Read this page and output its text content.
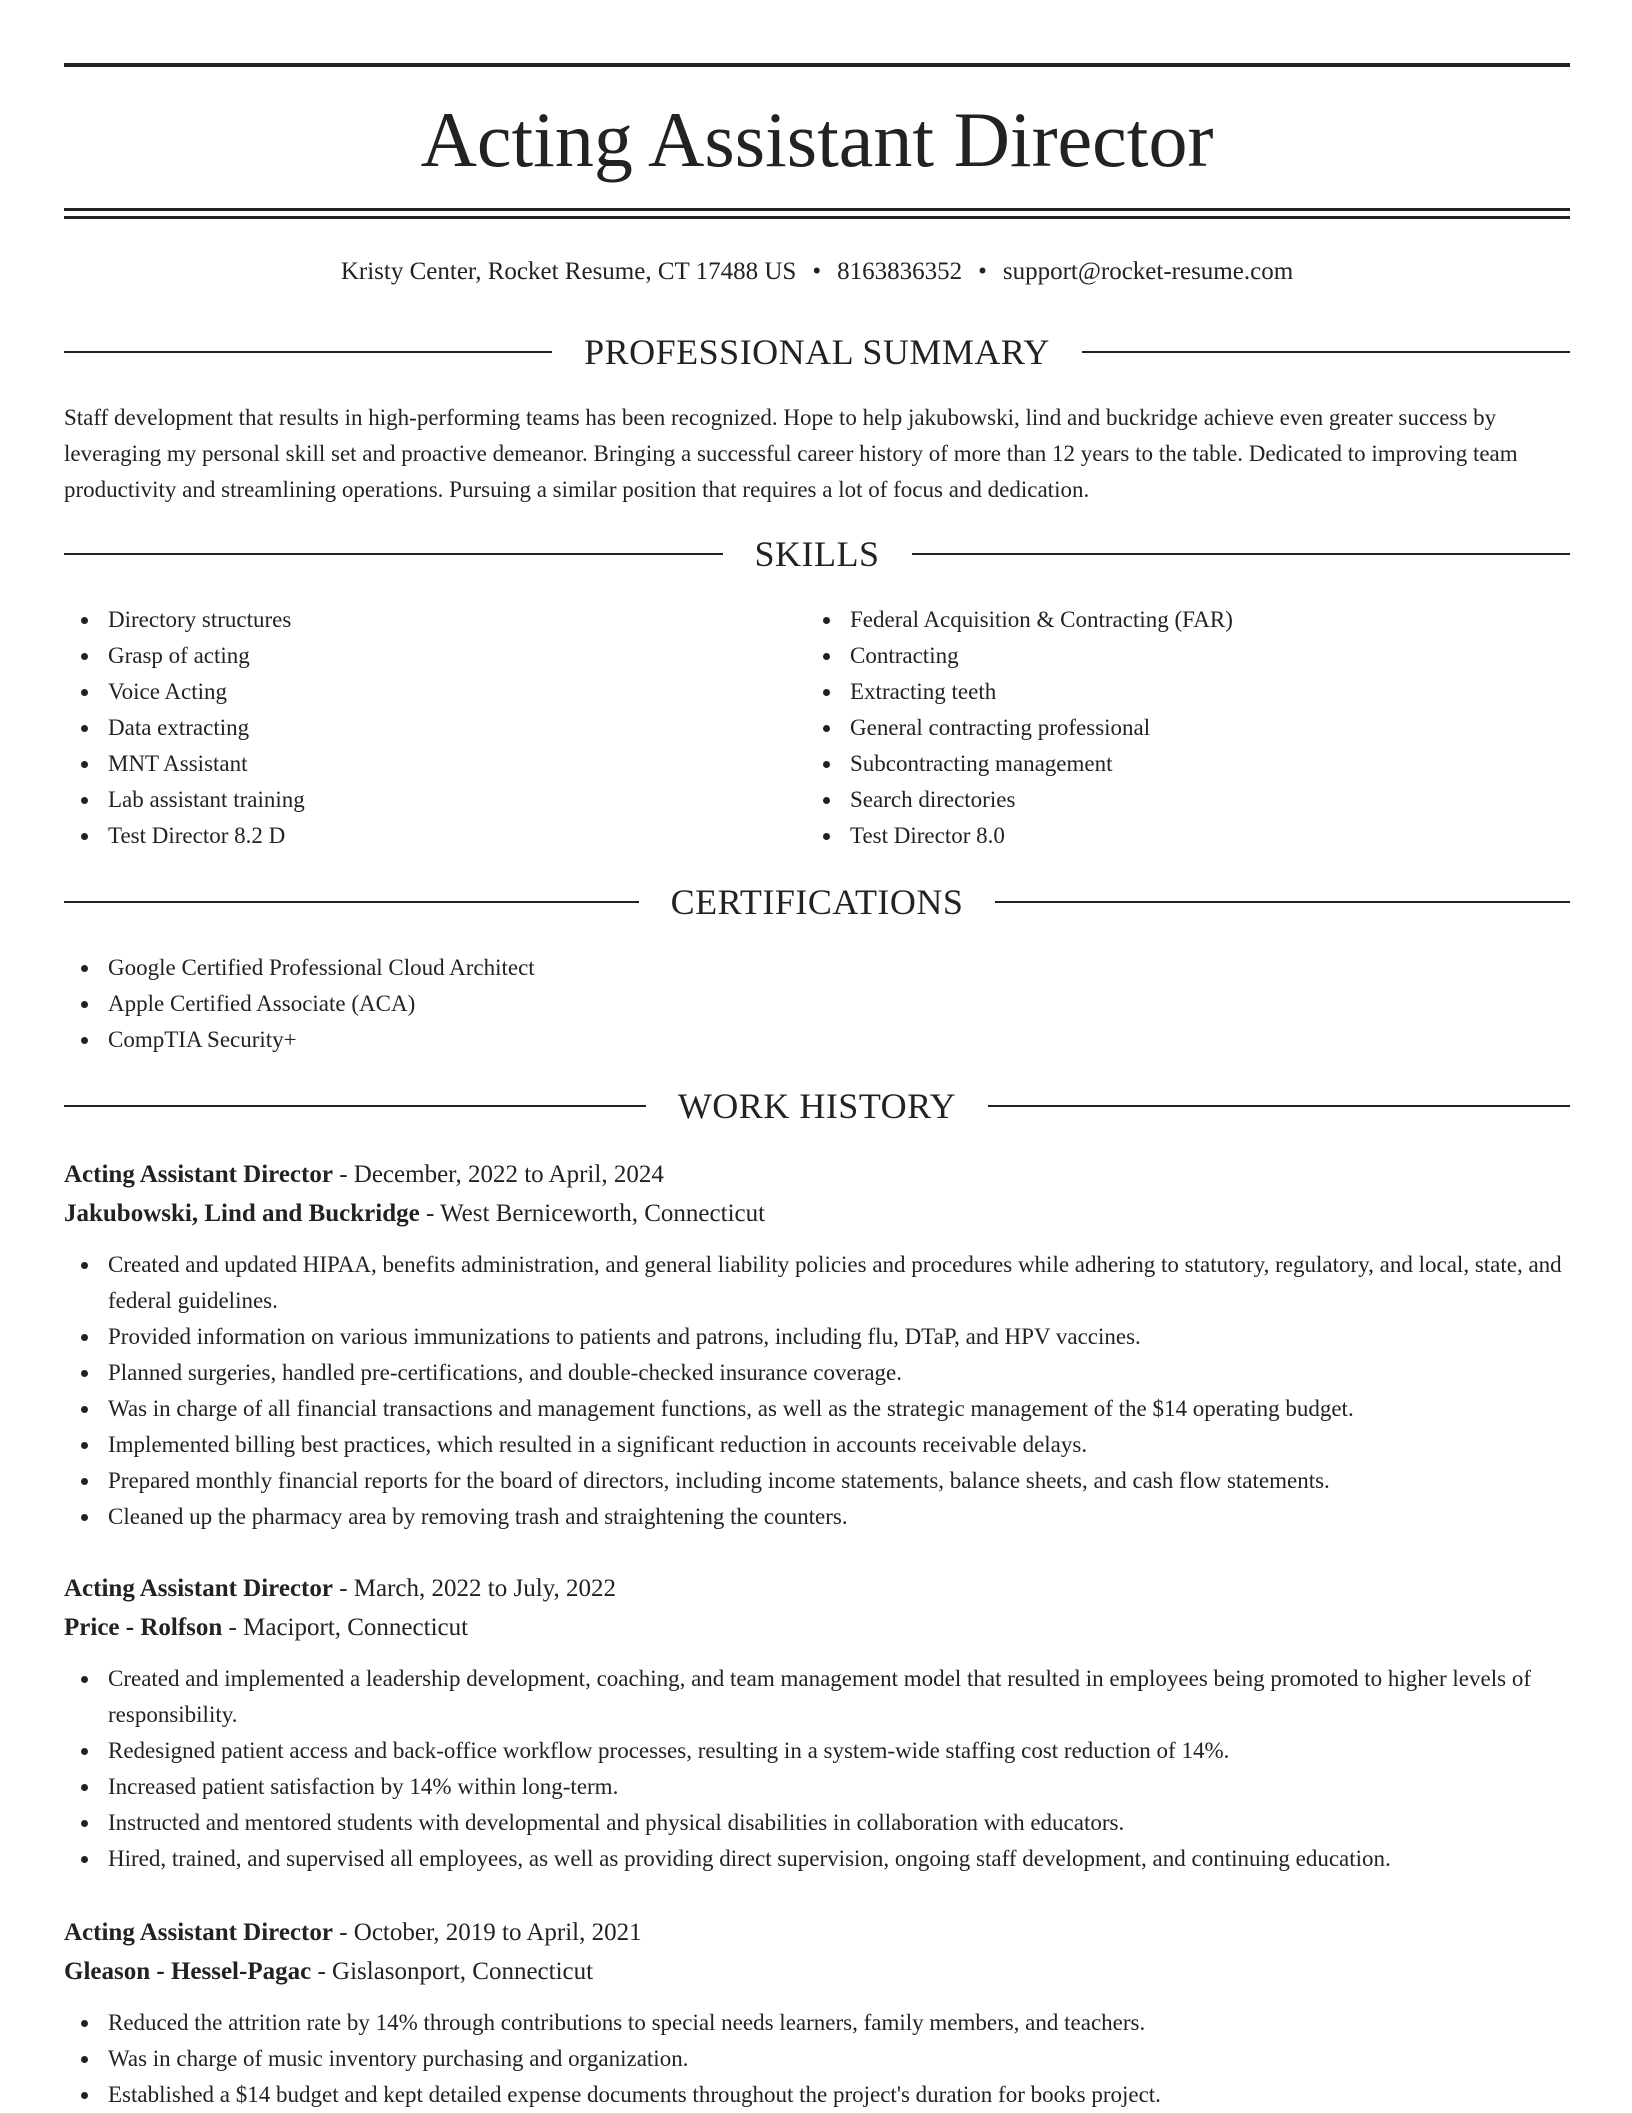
Acting Assistant Director
Kristy Center, Rocket Resume, CT 17488 US • 8163836352 • support@rocket-resume.com
PROFESSIONAL SUMMARY

Staff development that results in high-performing teams has been recognized. Hope to help jakubowski, lind and buckridge achieve even greater success by leveraging my personal skill set and proactive demeanor. Bringing a successful career history of more than 12 years to the table. Dedicated to improving team productivity and streamlining operations. Pursuing a similar position that requires a lot of focus and dedication.

SKILLS
Directory structures
Grasp of acting
Voice Acting
Data extracting
MNT Assistant
Lab assistant training
Test Director 8.2 D
Federal Acquisition & Contracting (FAR)
Contracting
Extracting teeth
General contracting professional
Subcontracting management
Search directories
Test Director 8.0
CERTIFICATIONS
Google Certified Professional Cloud Architect
Apple Certified Associate (ACA)
CompTIA Security+
WORK HISTORY
Acting Assistant Director - December, 2022 to April, 2024
Jakubowski, Lind and Buckridge - West Berniceworth, Connecticut
Created and updated HIPAA, benefits administration, and general liability policies and procedures while adhering to statutory, regulatory, and local, state, and federal guidelines.
Provided information on various immunizations to patients and patrons, including flu, DTaP, and HPV vaccines.
Planned surgeries, handled pre-certifications, and double-checked insurance coverage.
Was in charge of all financial transactions and management functions, as well as the strategic management of the $14 operating budget.
Implemented billing best practices, which resulted in a significant reduction in accounts receivable delays.
Prepared monthly financial reports for the board of directors, including income statements, balance sheets, and cash flow statements.
Cleaned up the pharmacy area by removing trash and straightening the counters.
Acting Assistant Director - March, 2022 to July, 2022
Price - Rolfson - Maciport, Connecticut
Created and implemented a leadership development, coaching, and team management model that resulted in employees being promoted to higher levels of responsibility.
Redesigned patient access and back-office workflow processes, resulting in a system-wide staffing cost reduction of 14%.
Increased patient satisfaction by 14% within long-term.
Instructed and mentored students with developmental and physical disabilities in collaboration with educators.
Hired, trained, and supervised all employees, as well as providing direct supervision, ongoing staff development, and continuing education.
Acting Assistant Director - October, 2019 to April, 2021
Gleason - Hessel-Pagac - Gislasonport, Connecticut
Reduced the attrition rate by 14% through contributions to special needs learners, family members, and teachers.
Was in charge of music inventory purchasing and organization.
Established a $14 budget and kept detailed expense documents throughout the project's duration for books project.
